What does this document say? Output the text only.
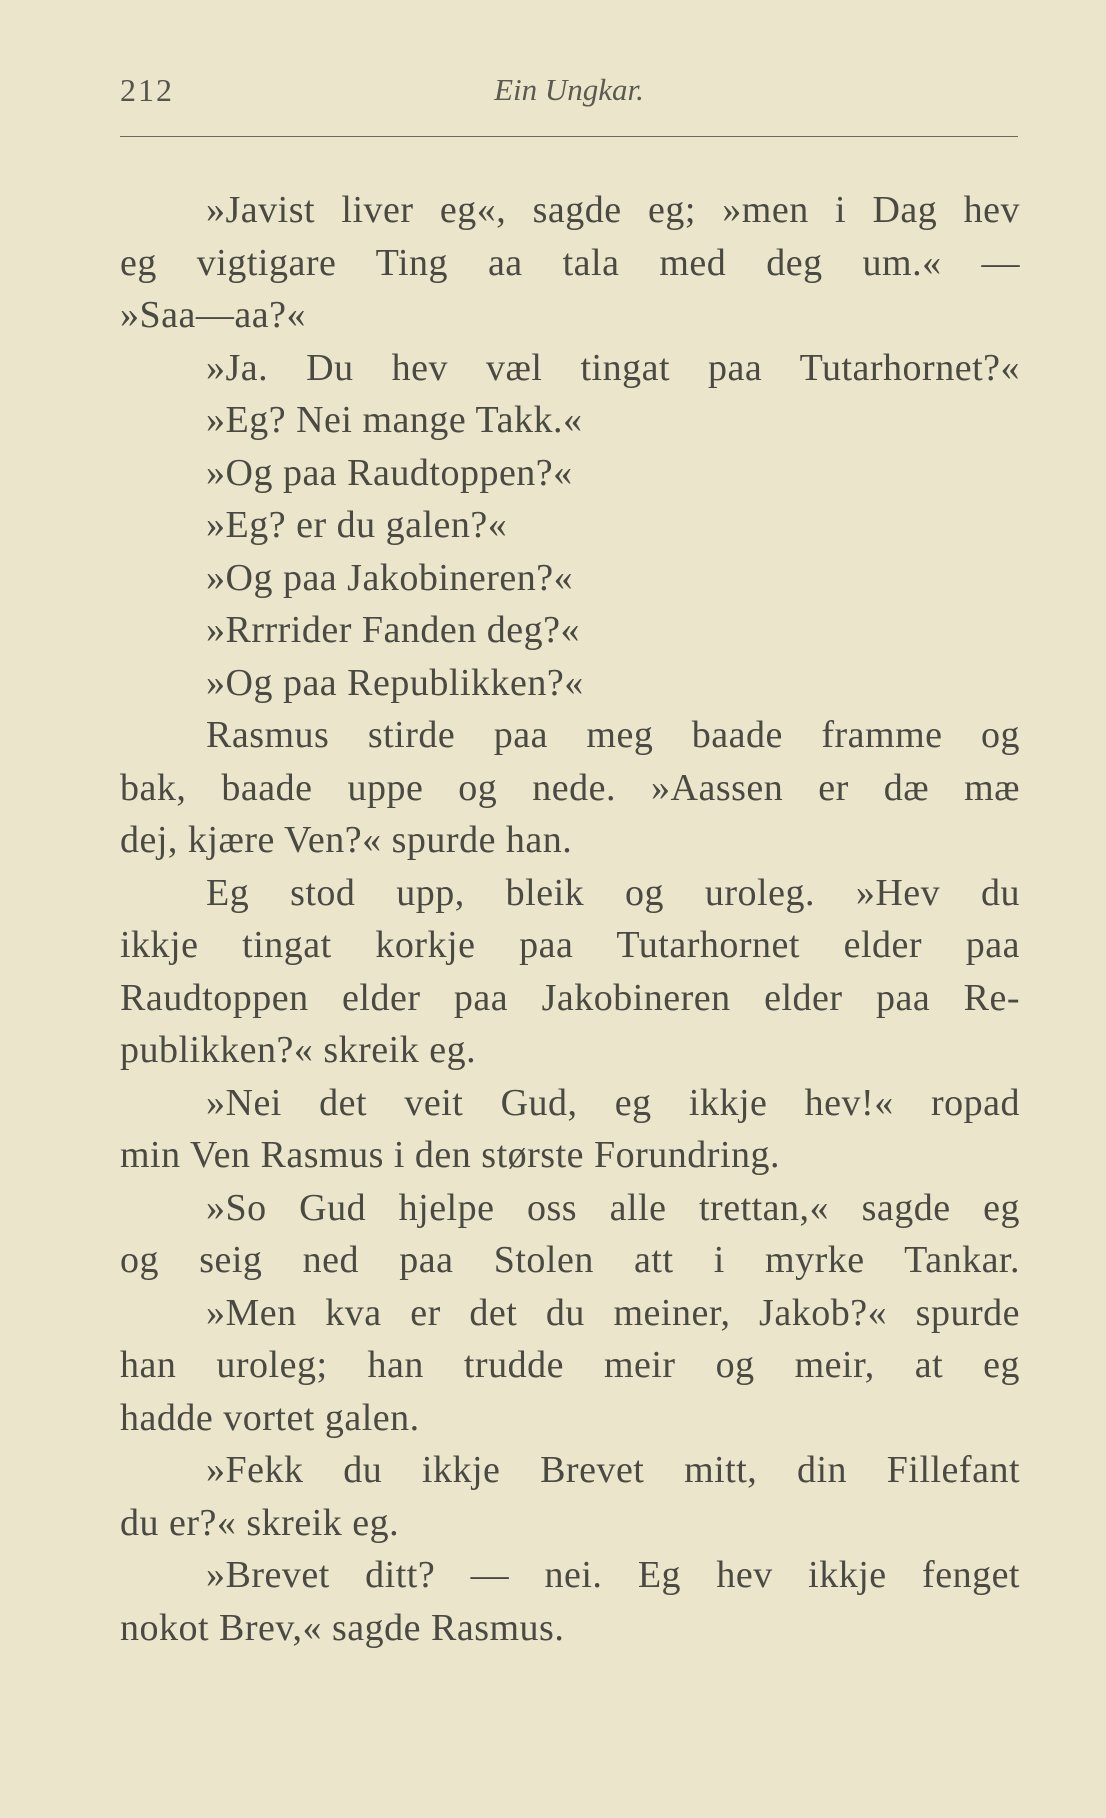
212	Ein Ungkar.
»Javist liver eg«, sagde eg; »men i Dag hev
eg vigtigare Ting aa tala med deg um.« —
»Saa—aa?«
»Ja. Du hev væl tingat paa Tutarhornet?«
»Eg? Nei mange Takk.«
»Og paa Raudtoppen?«
»Eg? er du galen?«
»Og paa Jakobineren?«
»Rrrrider Fanden deg?«
»Og paa Republikken?«
Rasmus stirde paa meg baade framme og
bak, baade uppe og nede. »Aassen er dæ mæ
dej, kjære Ven?« spurde han.
Eg stod upp, bleik og uroleg. »Hev du
ikkje tingat korkje paa Tutarhornet elder paa
Raudtoppen elder paa Jakobineren elder paa Re-
publikken?« skreik eg.
»Nei det veit Gud, eg ikkje hev!« ropad
min Ven Rasmus i den største Forundring.
»So Gud hjelpe oss alle trettan,« sagde eg
og seig ned paa Stolen att i myrke Tankar.
»Men kva er det du meiner, Jakob?« spurde
han uroleg; han trudde meir og meir, at eg
hadde vortet galen.
»Fekk du ikkje Brevet mitt, din Fillefant
du er?« skreik eg.
»Brevet ditt? — nei. Eg hev ikkje fenget
nokot Brev,« sagde Rasmus.
